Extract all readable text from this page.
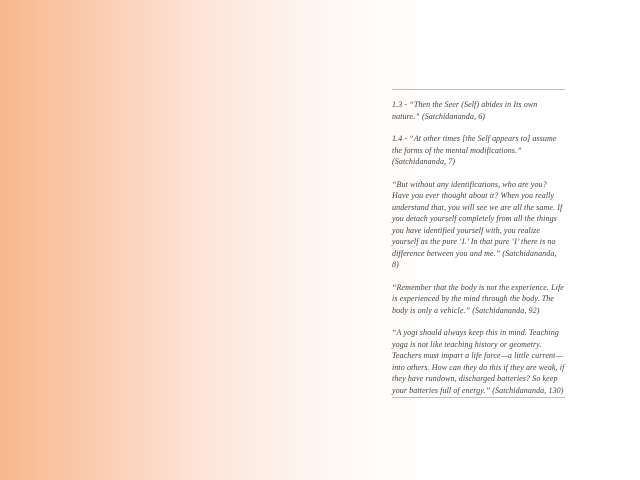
1.3 - “Then the Seer (Self) abides in Its own nature.” (Satchidananda, 6)

1.4 - “At other times [the Self appears to] assume the forms of the mental modifications.” (Satchidananda, 7)

“But without any identifications, who are you? Have you ever thought about it? When you really understand that, you will see we are all the same. If you detach yourself completely from all the things you have identified yourself with, you realize yourself as the pure ‘I.’ In that pure ‘I’ there is no difference between you and me.” (Satchidananda, 8)

“Remember that the body is not the experience. Life is experienced by the mind through the body. The body is only a vehicle.” (Satchidananda, 92)

“A yogi should always keep this in mind. Teaching yoga is not like teaching history or geometry. Teachers must impart a life force—a little current—into others. How can they do this if they are weak, if they have rundown, discharged batteries? So keep your batteries full of energy.” (Satchidananda, 130)
